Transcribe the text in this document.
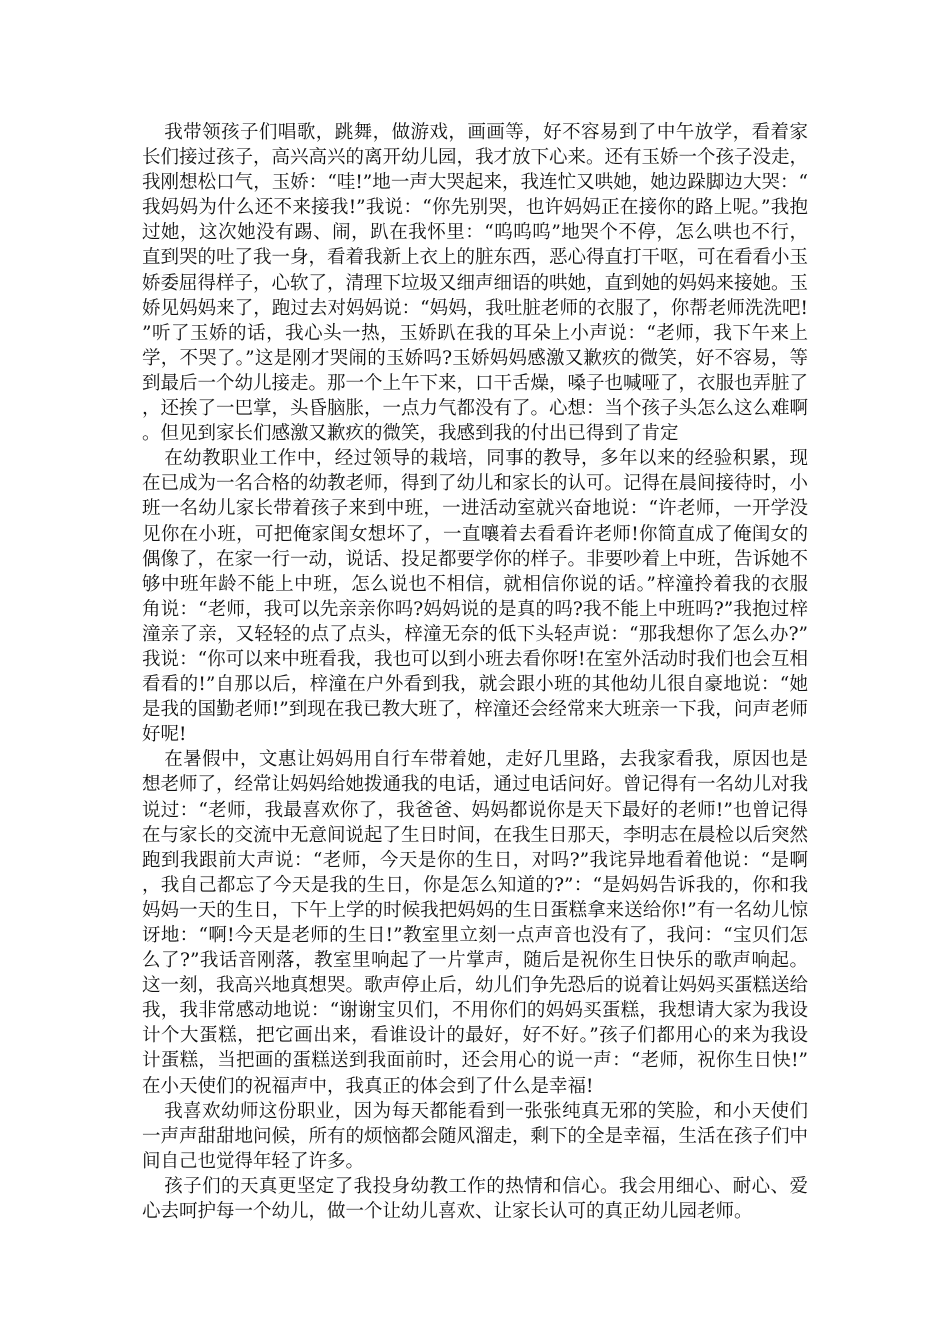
我带领孩子们唱歌，跳舞，做游戏，画画等，好不容易到了中午放学，看着家长们接过孩子，高兴高兴的离开幼儿园，我才放下心来。还有玉娇一个孩子没走，我刚想松口气，玉娇：“哇!”地一声大哭起来，我连忙又哄她，她边跺脚边大哭：“我妈妈为什么还不来接我!”我说：“你先别哭，也许妈妈正在接你的路上呢。”我抱过她，这次她没有踢、闹，趴在我怀里：“呜呜呜”地哭个不停，怎么哄也不行，直到哭的吐了我一身，看着我新上衣上的脏东西，恶心得直打干呕，可在看看小玉娇委屈得样子，心软了，清理下垃圾又细声细语的哄她，直到她的妈妈来接她。玉娇见妈妈来了，跑过去对妈妈说：“妈妈，我吐脏老师的衣服了，你帮老师洗洗吧!”听了玉娇的话，我心头一热，玉娇趴在我的耳朵上小声说：“老师，我下午来上学，不哭了。”这是刚才哭闹的玉娇吗?玉娇妈妈感激又歉疚的微笑，好不容易，等到最后一个幼儿接走。那一个上午下来，口干舌燥，嗓子也喊哑了，衣服也弄脏了，还挨了一巴掌，头昏脑胀，一点力气都没有了。心想：当个孩子头怎么这么难啊。但见到家长们感激又歉疚的微笑，我感到我的付出已得到了肯定

在幼教职业工作中，经过领导的栽培，同事的教导，多年以来的经验积累，现在已成为一名合格的幼教老师，得到了幼儿和家长的认可。记得在晨间接待时，小班一名幼儿家长带着孩子来到中班，一进活动室就兴奋地说：“许老师，一开学没见你在小班，可把俺家闺女想坏了，一直嚷着去看看许老师!你简直成了俺闺女的偶像了，在家一行一动，说话、投足都要学你的样子。非要吵着上中班，告诉她不够中班年龄不能上中班，怎么说也不相信，就相信你说的话。”梓潼拎着我的衣服角说：“老师，我可以先亲亲你吗?妈妈说的是真的吗?我不能上中班吗?”我抱过梓潼亲了亲，又轻轻的点了点头，梓潼无奈的低下头轻声说：“那我想你了怎么办?”我说：“你可以来中班看我，我也可以到小班去看你呀!在室外活动时我们也会互相看看的!”自那以后，梓潼在户外看到我，就会跟小班的其他幼儿很自豪地说：“她是我的国勤老师!”到现在我已教大班了，梓潼还会经常来大班亲一下我，问声老师好呢!

在暑假中，文惠让妈妈用自行车带着她，走好几里路，去我家看我，原因也是想老师了，经常让妈妈给她拨通我的电话，通过电话问好。曾记得有一名幼儿对我说过：“老师，我最喜欢你了，我爸爸、妈妈都说你是天下最好的老师!”也曾记得在与家长的交流中无意间说起了生日时间，在我生日那天，李明志在晨检以后突然跑到我跟前大声说：“老师，今天是你的生日，对吗?”我诧异地看着他说：“是啊，我自己都忘了今天是我的生日，你是怎么知道的?”：“是妈妈告诉我的，你和我妈妈一天的生日，下午上学的时候我把妈妈的生日蛋糕拿来送给你!”有一名幼儿惊讶地：“啊!今天是老师的生日!”教室里立刻一点声音也没有了，我问：“宝贝们怎么了?”我话音刚落，教室里响起了一片掌声，随后是祝你生日快乐的歌声响起。这一刻，我高兴地真想哭。歌声停止后，幼儿们争先恐后的说着让妈妈买蛋糕送给我，我非常感动地说：“谢谢宝贝们，不用你们的妈妈买蛋糕，我想请大家为我设计个大蛋糕，把它画出来，看谁设计的最好，好不好。”孩子们都用心的来为我设计蛋糕，当把画的蛋糕送到我面前时，还会用心的说一声：“老师，祝你生日快!”在小天使们的祝福声中，我真正的体会到了什么是幸福!

我喜欢幼师这份职业，因为每天都能看到一张张纯真无邪的笑脸，和小天使们一声声甜甜地问候，所有的烦恼都会随风溜走，剩下的全是幸福，生活在孩子们中间自己也觉得年轻了许多。

孩子们的天真更坚定了我投身幼教工作的热情和信心。我会用细心、耐心、爱心去呵护每一个幼儿，做一个让幼儿喜欢、让家长认可的真正幼儿园老师。
